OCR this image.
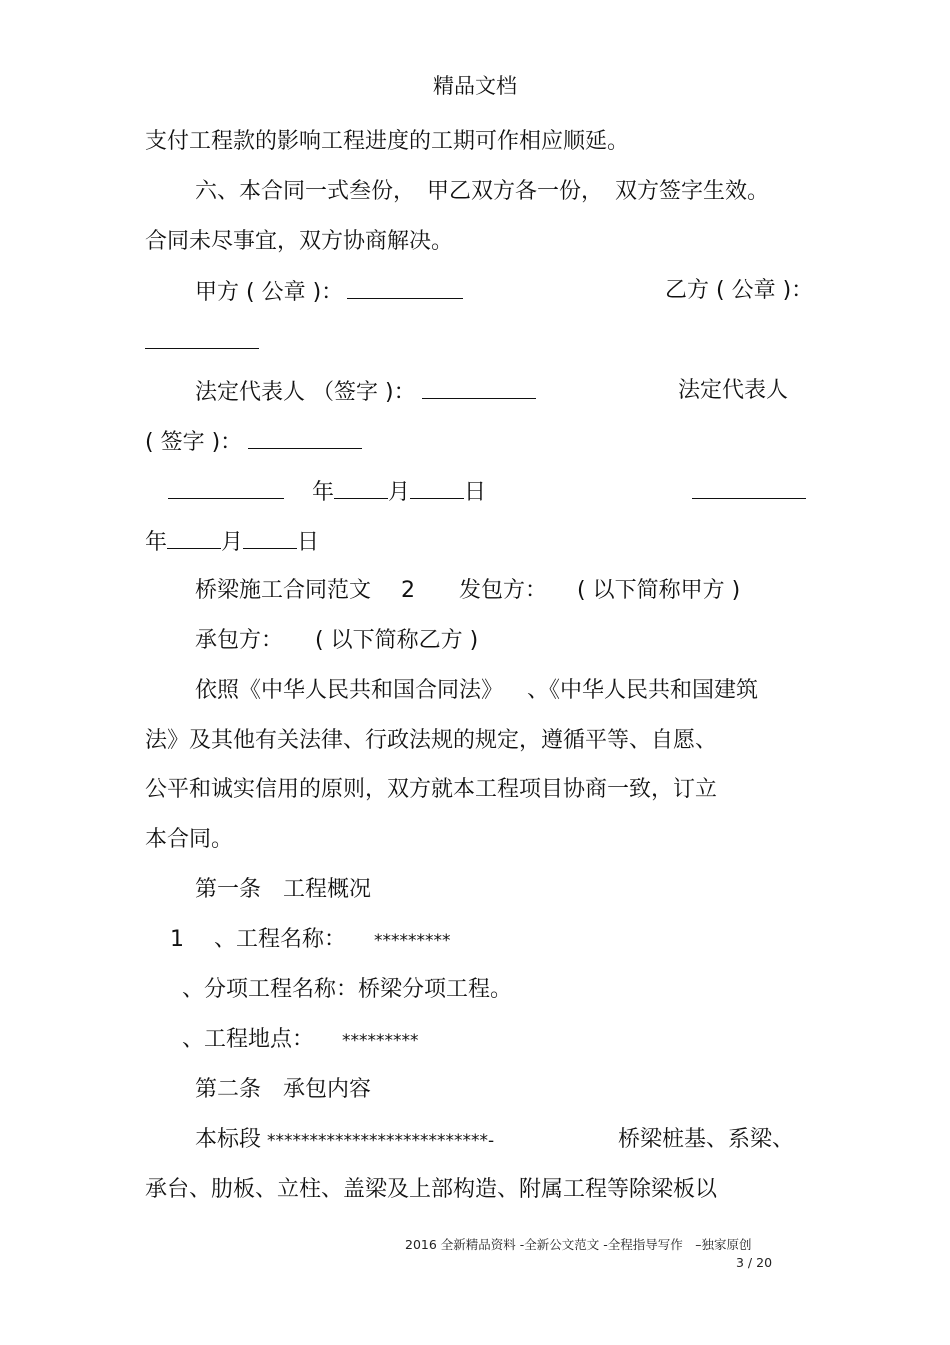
精品文档
支付工程款的影响工程进度的工期可作相应顺延。
六、本合同一式叁份， 甲乙双方各一份， 双方签字生效。
合同未尽事宜，双方协商解决。
甲方 ( 公章 )：	乙方 ( 公章 )：
法定代表人 （签字 )：	法定代表人
( 签字 )：
年 月 日
年 月 日
桥梁施工合同范文 2 发包方： ( 以下简称甲方 )
承包方： ( 以下简称乙方 )
依照《中华人民共和国合同法》 、《中华人民共和国建筑
法》及其他有关法律、行政法规的规定，遵循平等、自愿、
公平和诚实信用的原则，双方就本工程项目协商一致，订立
本合同。
第一条　工程概况
1 、工程名称： *********
、分项工程名称：桥梁分项工程。
、工程地点： *********
第二条　承包内容
本标段 **************************-	桥梁桩基、系梁、
承台、肋板、立柱、盖梁及上部构造、附属工程等除梁板以
2016 全新精品资料 -全新公文范文 -全程指导写作　–独家原创
3 / 20
